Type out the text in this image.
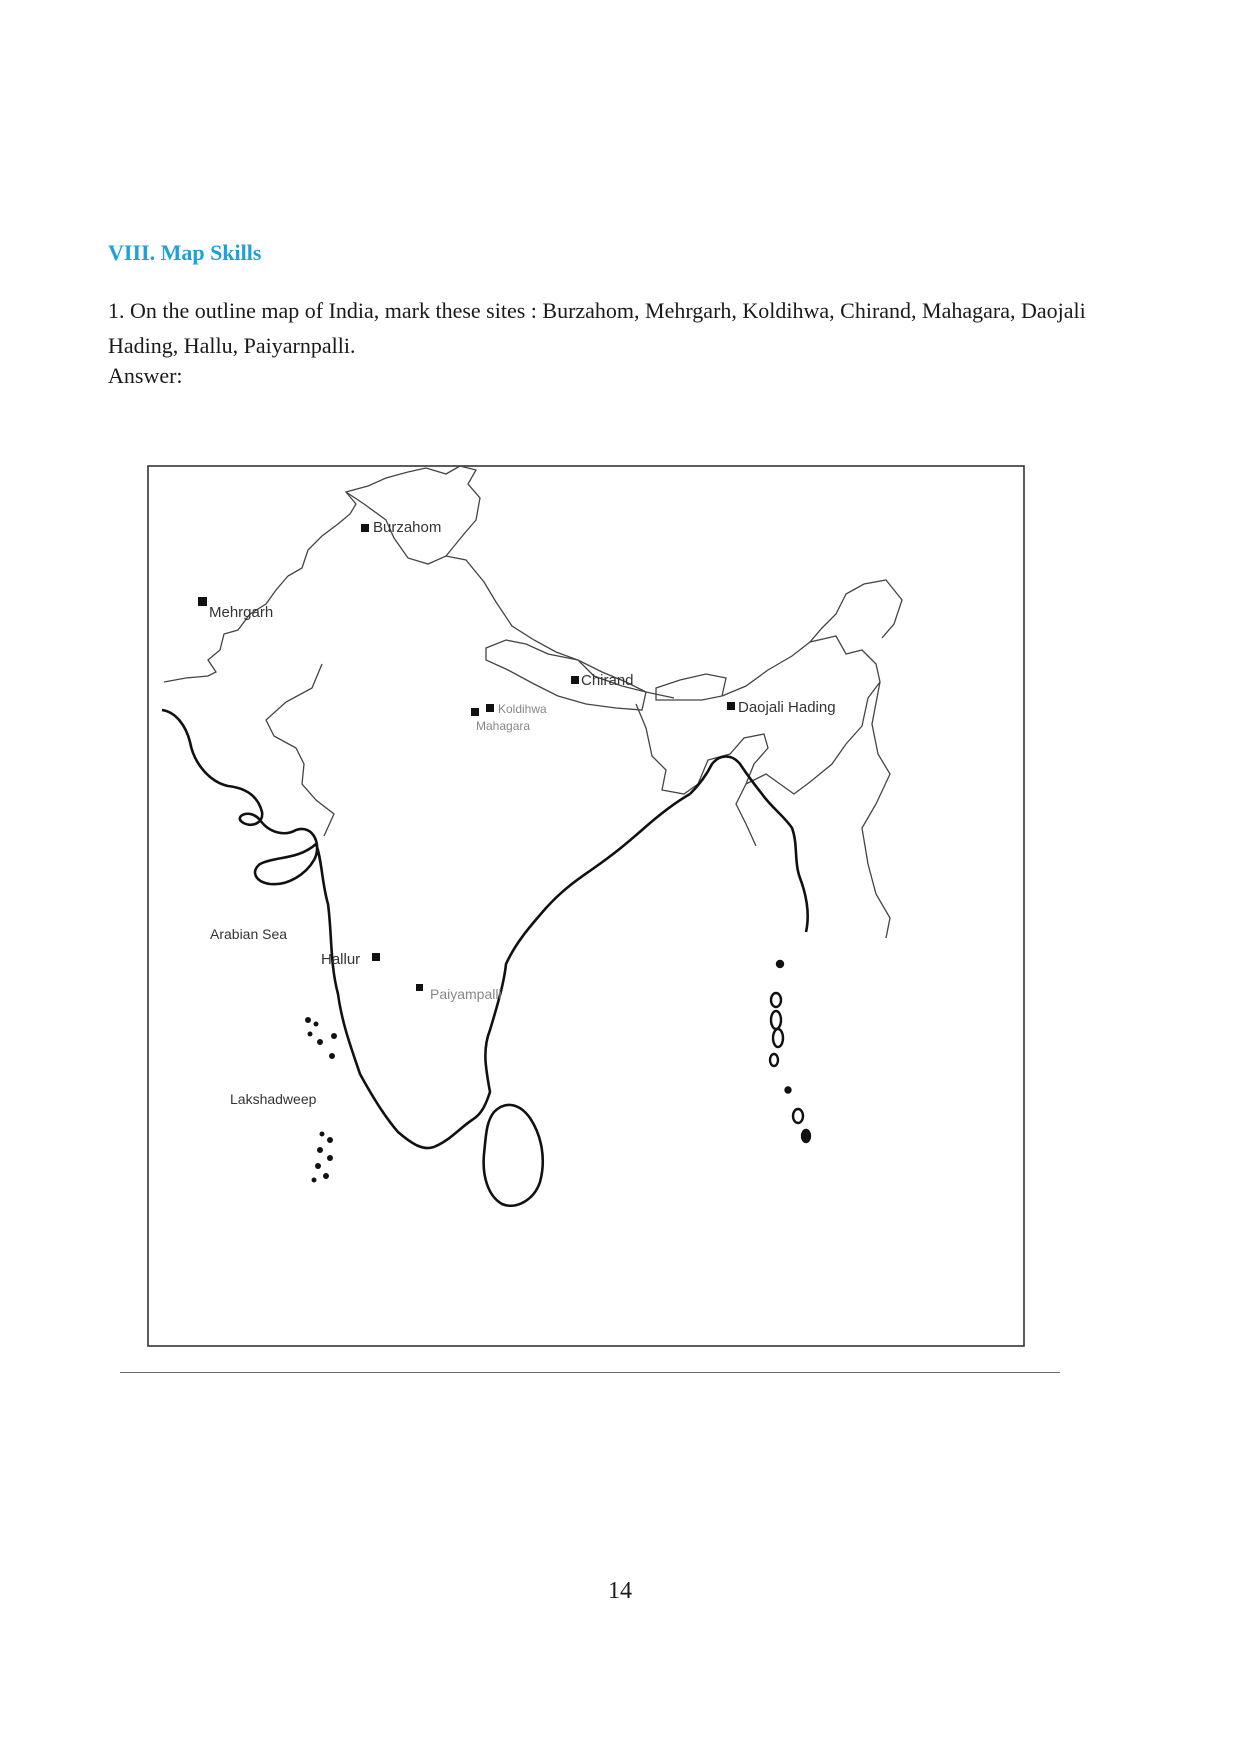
VIII. Map Skills
1. On the outline map of India, mark these sites : Burzahom, Mehrgarh, Koldihwa, Chirand, Mahagara, Daojali Hading, Hallu, Paiyarnpalli.
Answer:
Burzahom
Mehrgarh
Chirand
Koldihwa
Mahagara
Daojali Hading
Hallur
Paiyampalli
Arabian Sea
Lakshadweep
14
